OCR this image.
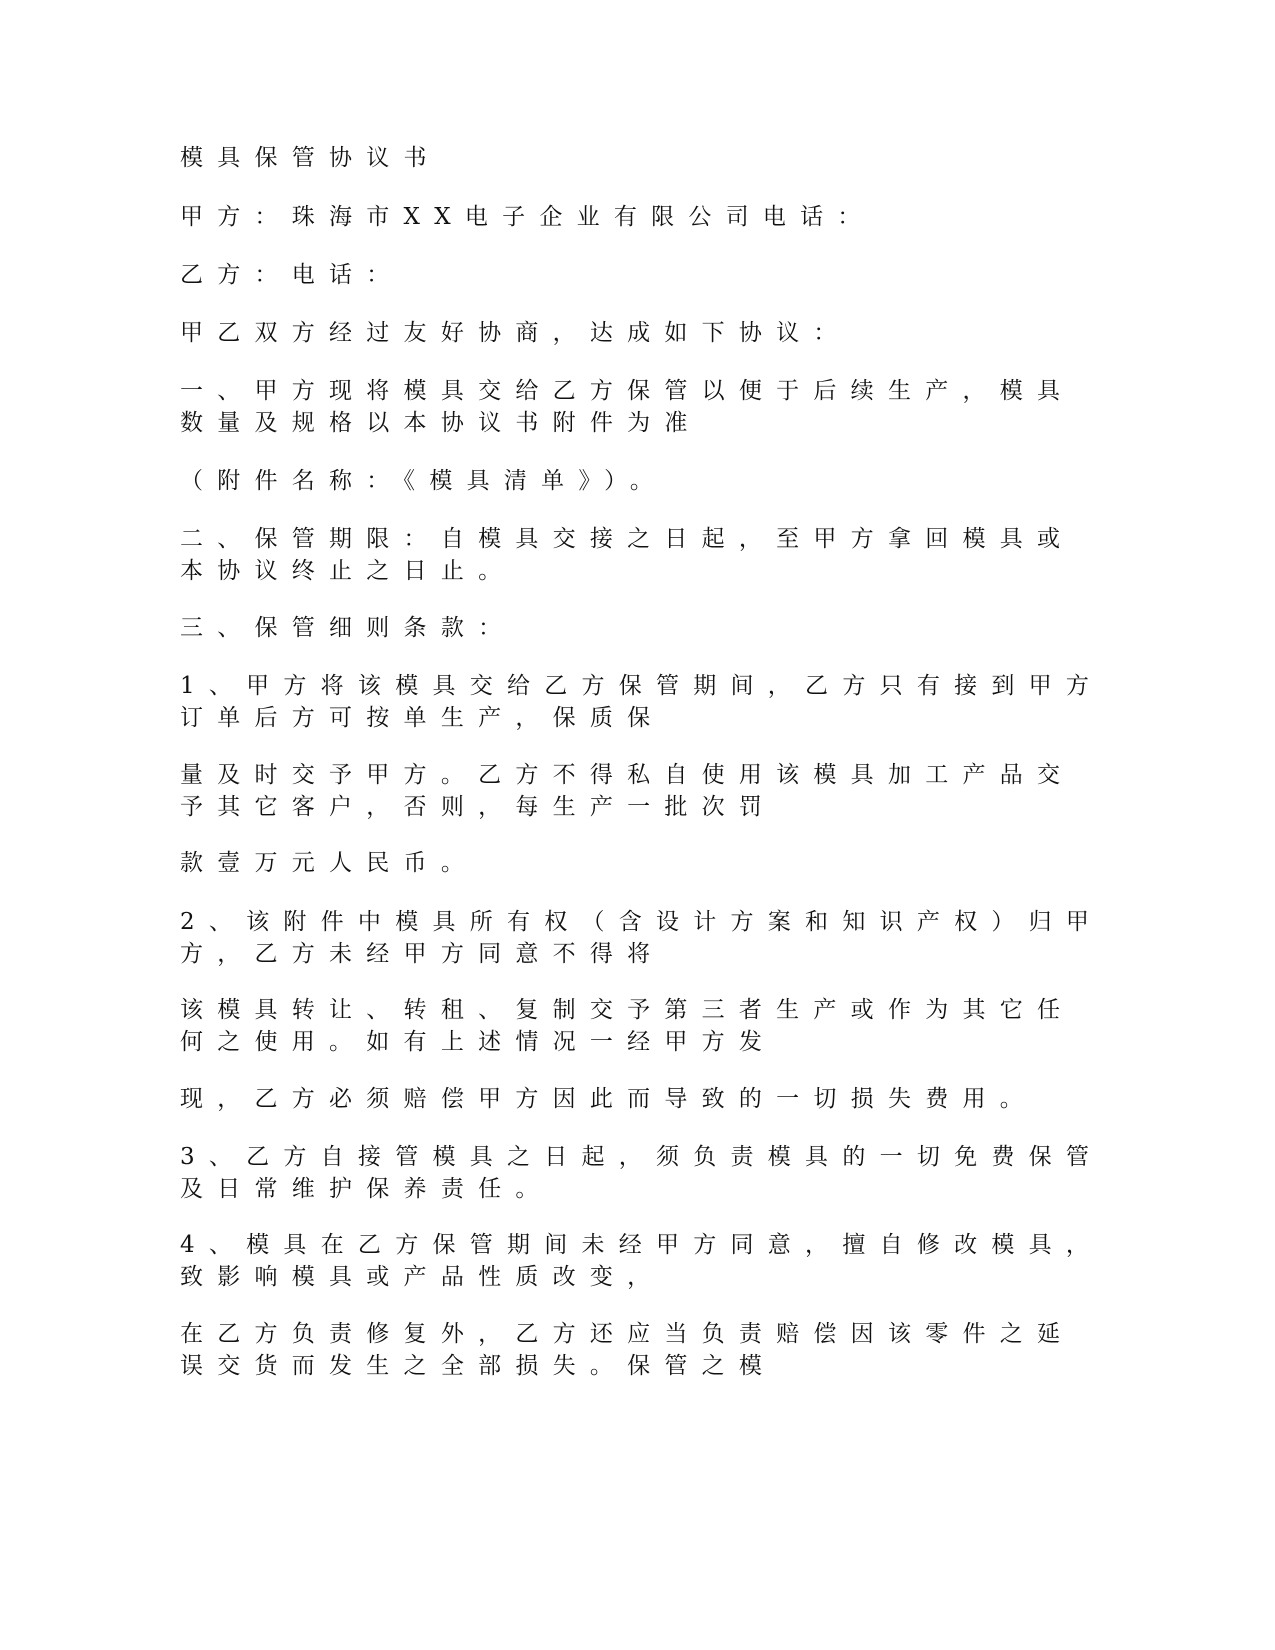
模具保管协议书

甲方：珠海市XX电子企业有限公司电话：

乙方：电话：

甲乙双方经过友好协商，达成如下协议：

一、甲方现将模具交给乙方保管以便于后续生产，模具
数量及规格以本协议书附件为准

（附件名称：《模具清单》）。

二、保管期限：自模具交接之日起，至甲方拿回模具或
本协议终止之日止。

三、保管细则条款：

1、甲方将该模具交给乙方保管期间，乙方只有接到甲方
订单后方可按单生产，保质保

量及时交予甲方。乙方不得私自使用该模具加工产品交
予其它客户，否则，每生产一批次罚

款壹万元人民币。

2、该附件中模具所有权（含设计方案和知识产权）归甲
方，乙方未经甲方同意不得将

该模具转让、转租、复制交予第三者生产或作为其它任
何之使用。如有上述情况一经甲方发

现，乙方必须赔偿甲方因此而导致的一切损失费用。

3、乙方自接管模具之日起，须负责模具的一切免费保管
及日常维护保养责任。

4、模具在乙方保管期间未经甲方同意，擅自修改模具，
致影响模具或产品性质改变，

在乙方负责修复外，乙方还应当负责赔偿因该零件之延
误交货而发生之全部损失。保管之模
